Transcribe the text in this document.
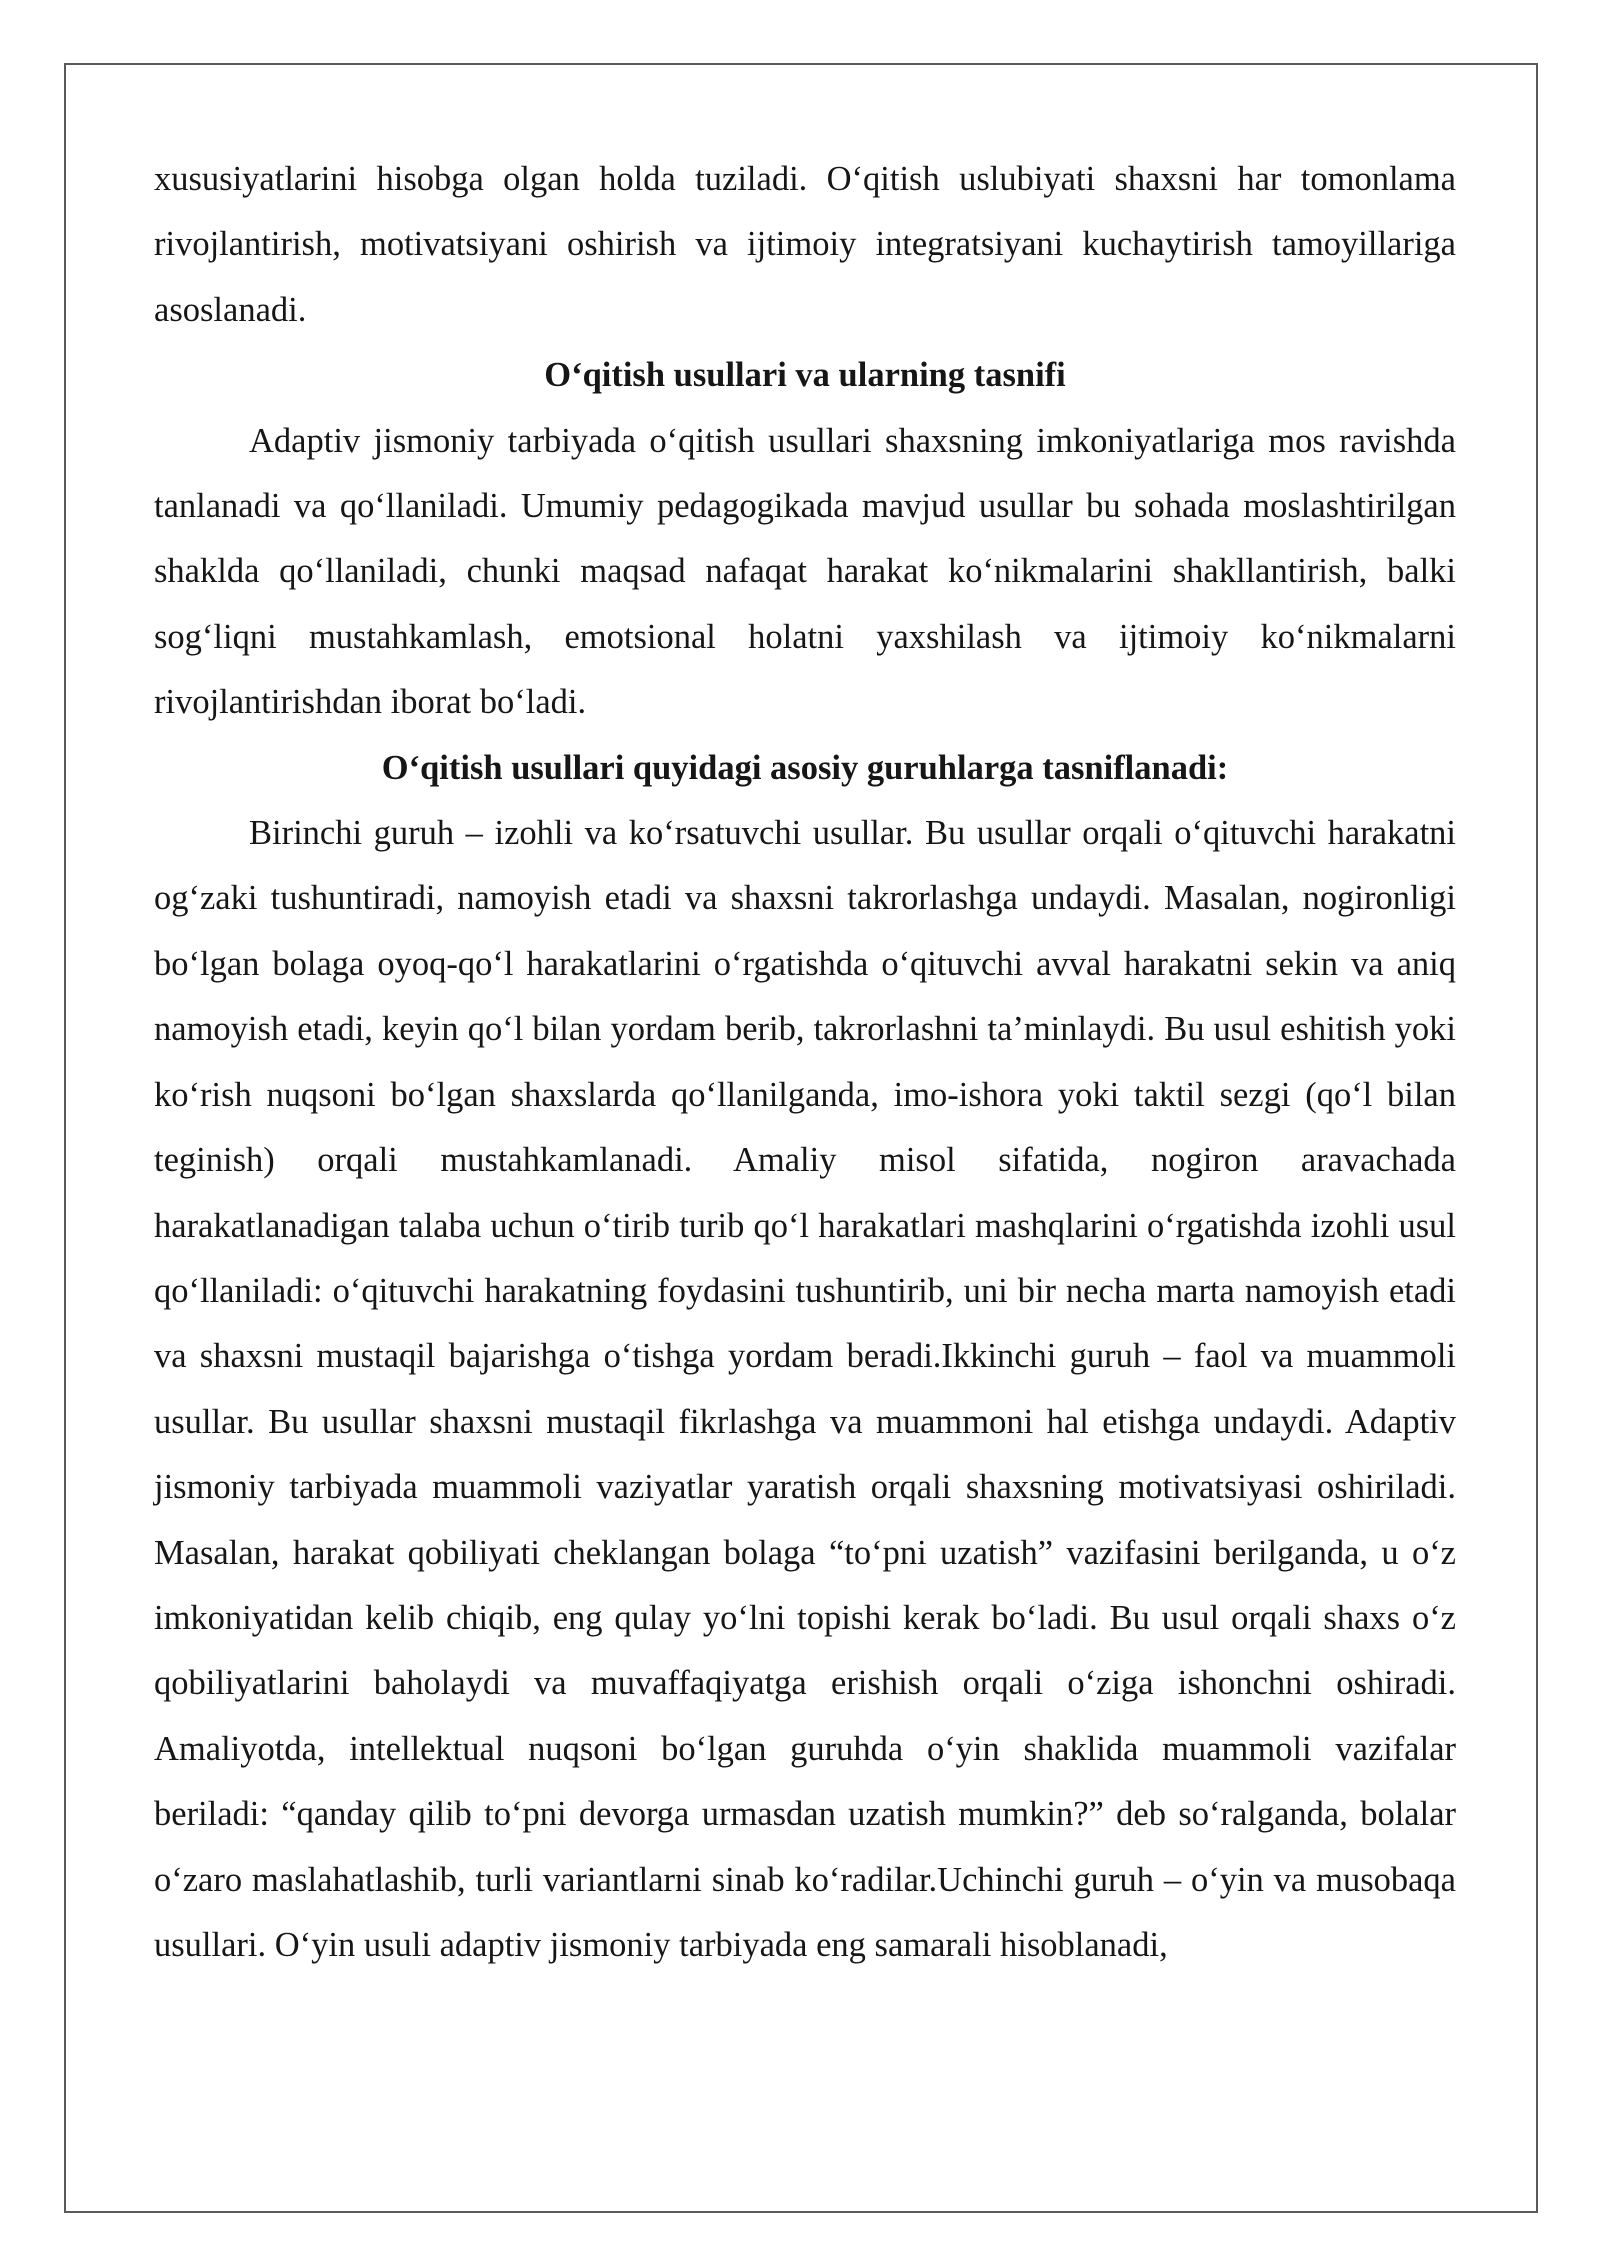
xususiyatlarini hisobga olgan holda tuziladi. O‘qitish uslubiyati shaxsni har tomonlama rivojlantirish, motivatsiyani oshirish va ijtimoiy integratsiyani kuchaytirish tamoyillariga asoslanadi.

O‘qitish usullari va ularning tasnifi

Adaptiv jismoniy tarbiyada o‘qitish usullari shaxsning imkoniyatlariga mos ravishda tanlanadi va qo‘llaniladi. Umumiy pedagogikada mavjud usullar bu sohada moslashtirilgan shaklda qo‘llaniladi, chunki maqsad nafaqat harakat ko‘nikmalarini shakllantirish, balki sog‘liqni mustahkamlash, emotsional holatni yaxshilash va ijtimoiy ko‘nikmalarni rivojlantirishdan iborat bo‘ladi.

O‘qitish usullari quyidagi asosiy guruhlarga tasniflanadi:

Birinchi guruh – izohli va ko‘rsatuvchi usullar. Bu usullar orqali o‘qituvchi harakatni og‘zaki tushuntiradi, namoyish etadi va shaxsni takrorlashga undaydi. Masalan, nogironligi bo‘lgan bolaga oyoq-qo‘l harakatlarini o‘rgatishda o‘qituvchi avval harakatni sekin va aniq namoyish etadi, keyin qo‘l bilan yordam berib, takrorlashni ta’minlaydi. Bu usul eshitish yoki ko‘rish nuqsoni bo‘lgan shaxslarda qo‘llanilganda, imo-ishora yoki taktil sezgi (qo‘l bilan teginish) orqali mustahkamlanadi. Amaliy misol sifatida, nogiron aravachada harakatlanadigan talaba uchun o‘tirib turib qo‘l harakatlari mashqlarini o‘rgatishda izohli usul qo‘llaniladi: o‘qituvchi harakatning foydasini tushuntirib, uni bir necha marta namoyish etadi va shaxsni mustaqil bajarishga o‘tishga yordam beradi.Ikkinchi guruh – faol va muammoli usullar. Bu usullar shaxsni mustaqil fikrlashga va muammoni hal etishga undaydi. Adaptiv jismoniy tarbiyada muammoli vaziyatlar yaratish orqali shaxsning motivatsiyasi oshiriladi. Masalan, harakat qobiliyati cheklangan bolaga “to‘pni uzatish” vazifasini berilganda, u o‘z imkoniyatidan kelib chiqib, eng qulay yo‘lni topishi kerak bo‘ladi. Bu usul orqali shaxs o‘z qobiliyatlarini baholaydi va muvaffaqiyatga erishish orqali o‘ziga ishonchni oshiradi. Amaliyotda, intellektual nuqsoni bo‘lgan guruhda o‘yin shaklida muammoli vazifalar beriladi: “qanday qilib to‘pni devorga urmasdan uzatish mumkin?” deb so‘ralganda, bolalar o‘zaro maslahatlashib, turli variantlarni sinab ko‘radilar.Uchinchi guruh – o‘yin va musobaqa usullari. O‘yin usuli adaptiv jismoniy tarbiyada eng samarali hisoblanadi,
